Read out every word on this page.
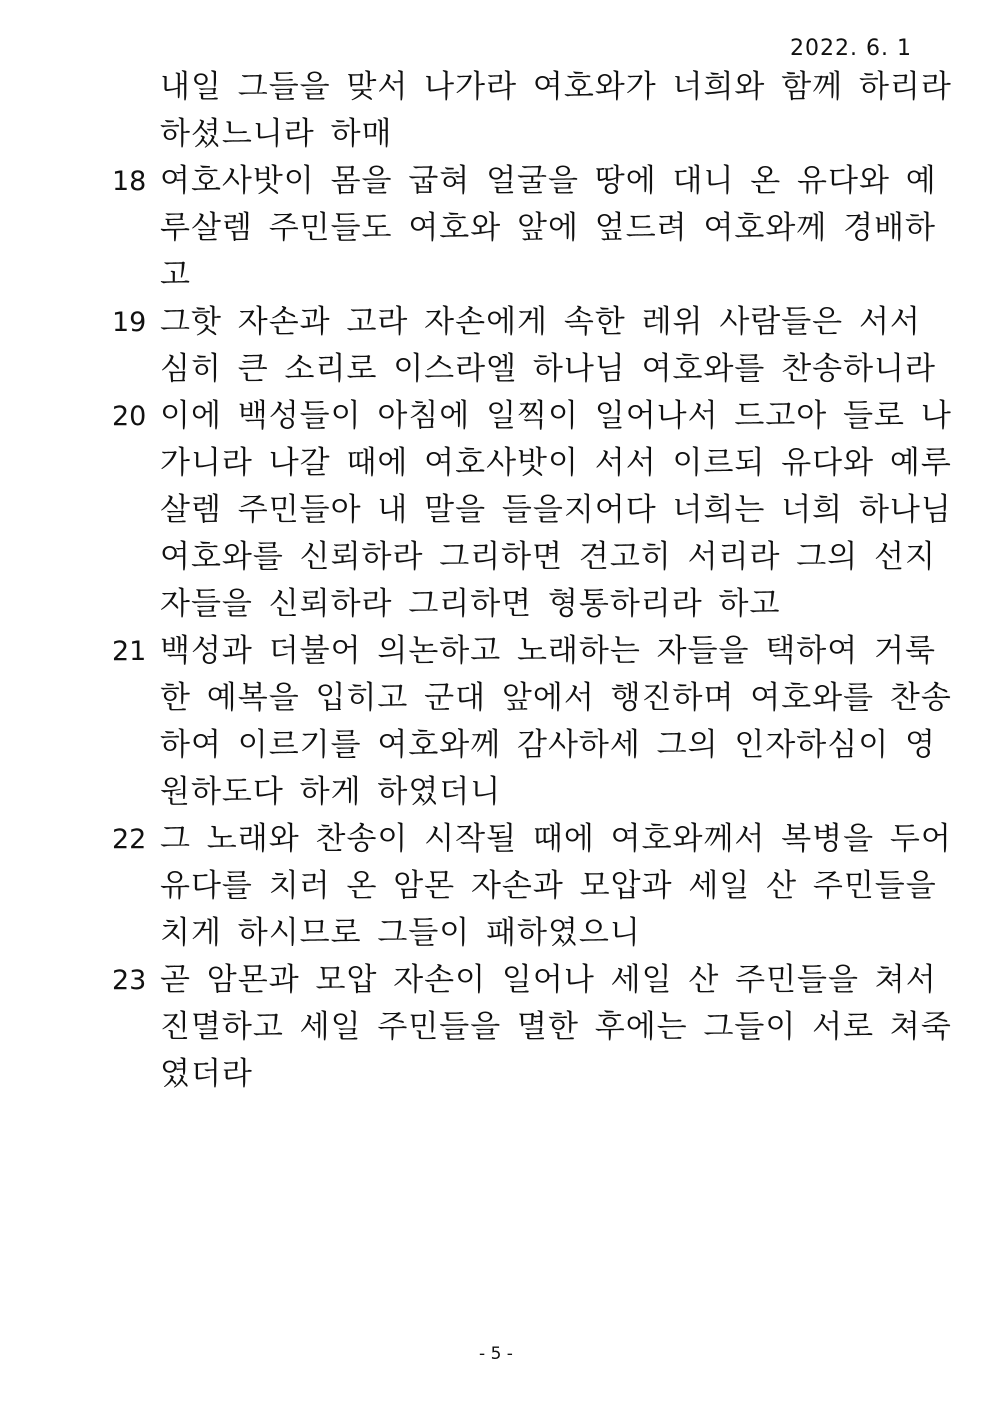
2022. 6. 1
내일 그들을 맞서 나가라 여호와가 너희와 함께 하리라
하셨느니라 하매
18 여호사밧이 몸을 굽혀 얼굴을 땅에 대니 온 유다와 예
루살렘 주민들도 여호와 앞에 엎드려 여호와께 경배하
고
19 그핫 자손과 고라 자손에게 속한 레위 사람들은 서서
심히 큰 소리로 이스라엘 하나님 여호와를 찬송하니라
20 이에 백성들이 아침에 일찍이 일어나서 드고아 들로 나
가니라 나갈 때에 여호사밧이 서서 이르되 유다와 예루
살렘 주민들아 내 말을 들을지어다 너희는 너희 하나님
여호와를 신뢰하라 그리하면 견고히 서리라 그의 선지
자들을 신뢰하라 그리하면 형통하리라 하고
21 백성과 더불어 의논하고 노래하는 자들을 택하여 거룩
한 예복을 입히고 군대 앞에서 행진하며 여호와를 찬송
하여 이르기를 여호와께 감사하세 그의 인자하심이 영
원하도다 하게 하였더니
22 그 노래와 찬송이 시작될 때에 여호와께서 복병을 두어
유다를 치러 온 암몬 자손과 모압과 세일 산 주민들을
치게 하시므로 그들이 패하였으니
23 곧 암몬과 모압 자손이 일어나 세일 산 주민들을 쳐서
진멸하고 세일 주민들을 멸한 후에는 그들이 서로 쳐죽
였더라
- 5 -
